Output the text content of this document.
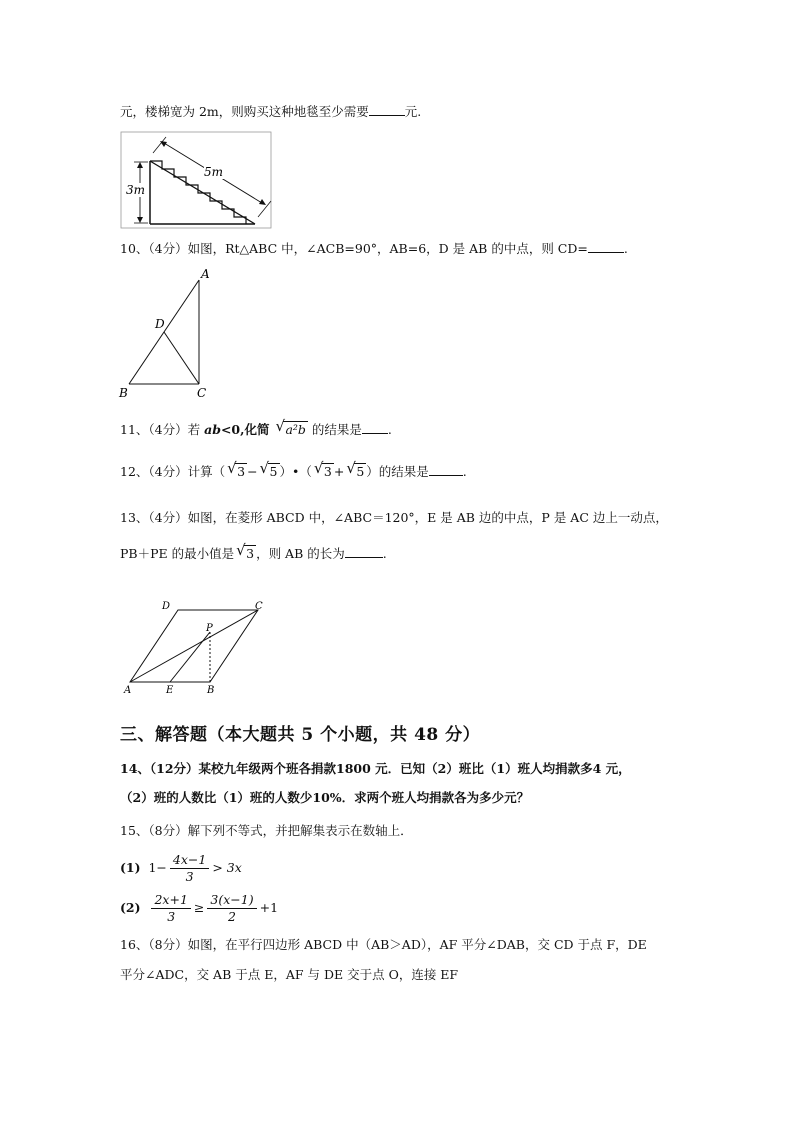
元，楼梯宽为 2m，则购买这种地毯至少需要	元.
3m
5m
10、（4分）如图，Rt△ABC 中，∠ACB=90°，AB=6，D 是 AB 的中点，则 CD=	.
A
B	C
D
11、（4分）若 ab<0,化简 √ a²b 的结果是 .
12、（4分）计算（ √ 3 − √ 5 ）•（ √ 3 + √ 5 ）的结果是	.
13、（4分）如图，在菱形 ABCD 中，∠ABC＝120°，E 是 AB 边的中点，P 是 AC 边上一动点，
PB＋PE 的最小值是 √ 3 ，则 AB 的长为	.
A	E	B
C
D
P
三、解答题（本大题共 5 个小题，共 48 分）
14、（12分）某校九年级两个班各捐款1800 元．已知（2）班比（1）班人均捐款多4 元，
（2）班的人数比（1）班的人数少10%．求两个班人均捐款各为多少元？
15、（8分）解下列不等式，并把解集表示在数轴上．
(1) $1- \frac{4x-1}{3} > 3x$
$(2) \frac{2x+1}{3} \ge \frac{3(x-1)}{2} +1$
16、（8分）如图，在平行四边形 ABCD 中（AB＞AD），AF 平分∠DAB，交 CD 于点 F，DE
平分∠ADC，交 AB 于点 E，AF 与 DE 交于点 O，连接 EF
